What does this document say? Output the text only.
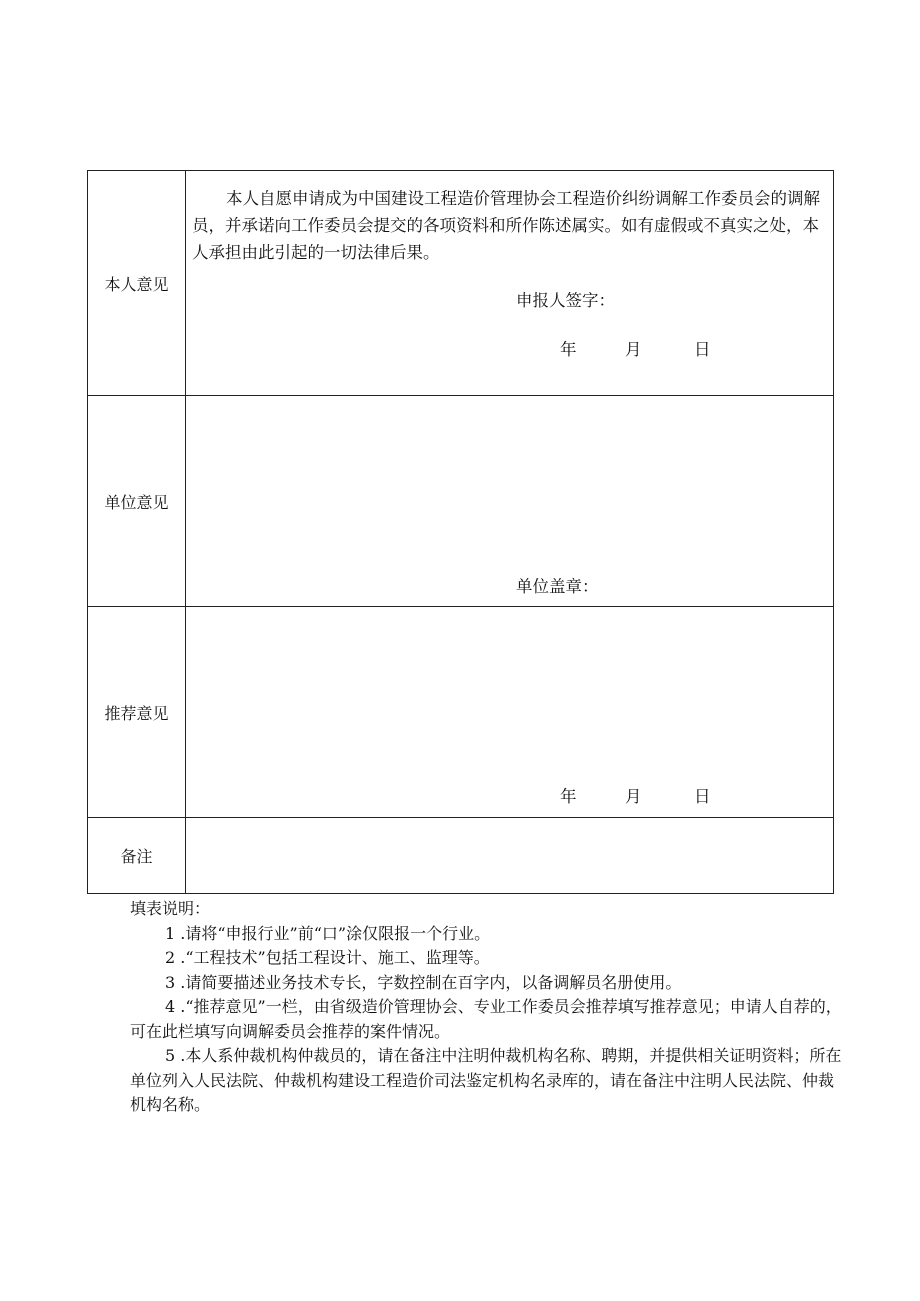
本人意见	本人自愿申请成为中国建设工程造价管理协会工程造价纠纷调解工作委员会的调解员，并承诺向工作委员会提交的各项资料和所作陈述属实。如有虚假或不真实之处，本人承担由此引起的一切法律后果。

申报人签字：
年 月 日

单位意见	单位盖章：

推荐意见	年 月 日

备注	

填表说明：

1 .请将“申报行业”前“口”涂仅限报一个行业。

2 .“工程技术”包括工程设计、施工、监理等。

3 .请简要描述业务技术专长，字数控制在百字内，以备调解员名册使用。

4 .“推荐意见”一栏，由省级造价管理协会、专业工作委员会推荐填写推荐意见；申请人自荐的，可在此栏填写向调解委员会推荐的案件情况。

5 .本人系仲裁机构仲裁员的，请在备注中注明仲裁机构名称、聘期，并提供相关证明资料；所在单位列入人民法院、仲裁机构建设工程造价司法鉴定机构名录库的，请在备注中注明人民法院、仲裁机构名称。
